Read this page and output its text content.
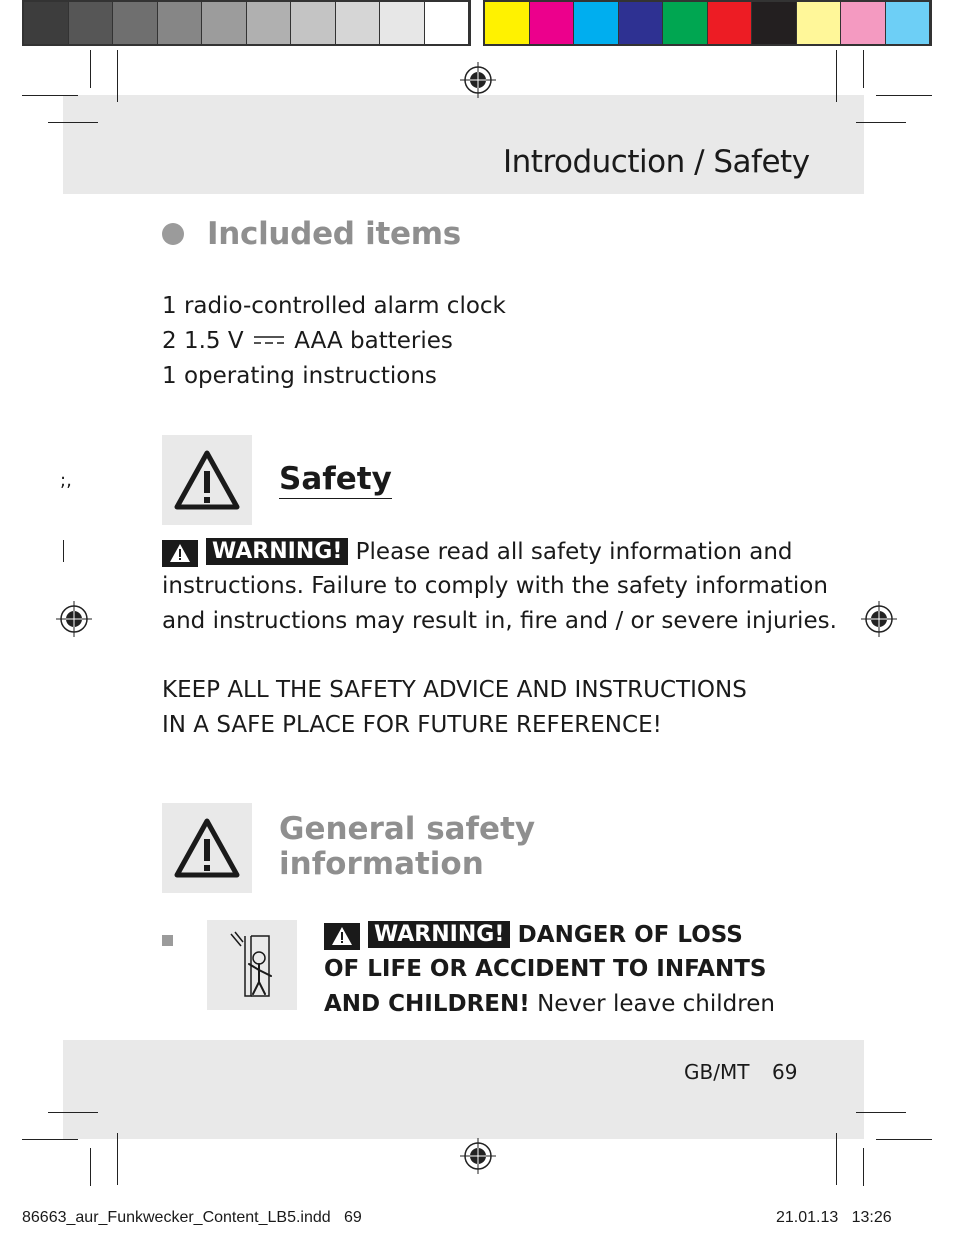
Introduction / Safety
Included items
1 radio-controlled alarm clock
2 1.5 V AAA batteries
1 operating instructions
;,	Safety
WARNING! Please read all safety information and
instructions. Failure to comply with the safety information
and instructions may result in, fire and / or severe injuries.
KEEP ALL THE SAFETY ADVICE AND INSTRUCTIONS
IN A SAFE PLACE FOR FUTURE REFERENCE!
General safety
information
WARNING! DANGER OF LOSS
OF LIFE OR ACCIDENT TO INFANTS
AND CHILDREN! Never leave children
GB/MT 69
86663_aur_Funkwecker_Content_LB5.indd   69	21.01.13   13:26
